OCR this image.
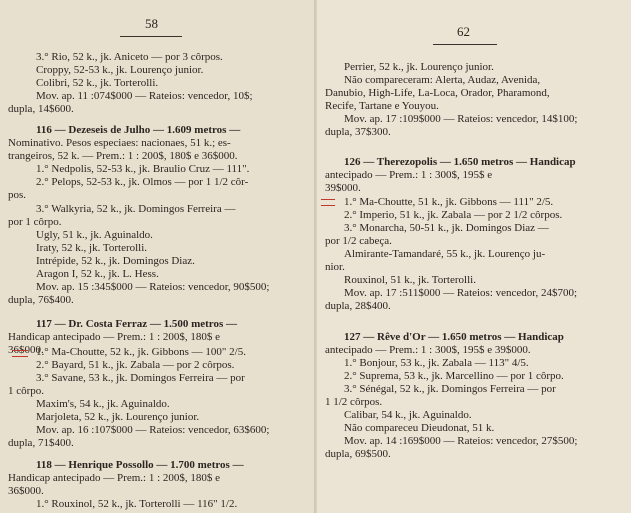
58
3.° Rio, 52 k., jk. Aniceto — por 3 côrpos.
Croppy, 52-53 k., jk. Lourenço junior.
Colibri, 52 k., jk. Torterolli.
Mov. ap. 11 :074$000 — Rateios: vencedor, 10$;
dupla, 14$600.
116 — Dezeseis de Julho — 1.609 metros —
Nominativo. Pesos especiaes: nacionaes, 51 k.; es-
trangeiros, 52 k. — Prem.: 1 : 200$, 180$ e 36$000.
1.° Nedpolis, 52-53 k., jk. Braulio Cruz — 111".
2.° Pelops, 52-53 k., jk. Olmos — por 1 1/2 côr-
pos.
3.° Walkyria, 52 k., jk. Domingos Ferreira —
por 1 côrpo.
Ugly, 51 k., jk. Aguinaldo.
Iraty, 52 k., jk. Torterolli.
Intrépide, 52 k., jk. Domingos Diaz.
Aragon I, 52 k., jk. L. Hess.
Mov. ap. 15 :345$000 — Rateios: vencedor, 90$500;
dupla, 76$400.
117 — Dr. Costa Ferraz — 1.500 metros —
Handicap antecipado — Prem.: 1 : 200$, 180$ e
36$000.
1.° Ma-Choutte, 52 k., jk. Gibbons — 100" 2/5.
2.° Bayard, 51 k., jk. Zabala — por 2 côrpos.
3.° Savane, 53 k., jk. Domingos Ferreira — por
1 côrpo.
Maxim's, 54 k., jk. Aguinaldo.
Marjoleta, 52 k., jk. Lourenço junior.
Mov. ap. 16 :107$000 — Rateios: vencedor, 63$600;
dupla, 71$400.
118 — Henrique Possollo — 1.700 metros —
Handicap antecipado — Prem.: 1 : 200$, 180$ e
36$000.
1.° Rouxinol, 52 k., jk. Torterolli — 116" 1/2.
62
Perrier, 52 k., jk. Lourenço junior.
Não compareceram: Alerta, Audaz, Avenida,
Danubio, High-Life, La-Loca, Orador, Pharamond,
Recife, Tartane e Youyou.
Mov. ap. 17 :109$000 — Rateios: vencedor, 14$100;
dupla, 37$300.
126 — Therezopolis — 1.650 metros — Handicap
antecipado — Prem.: 1 : 300$, 195$ e
39$000.
1.° Ma-Choutte, 51 k., jk. Gibbons — 111" 2/5.
2.° Imperio, 51 k., jk. Zabala — por 2 1/2 côrpos.
3.° Monarcha, 50-51 k., jk. Domingos Diaz —
por 1/2 cabeça.
Almirante-Tamandaré, 55 k., jk. Lourenço ju-
nior.
Rouxinol, 51 k., jk. Torterolli.
Mov. ap. 17 :511$000 — Rateios: vencedor, 24$700;
dupla, 28$400.
127 — Rêve d'Or — 1.650 metros — Handicap
antecipado — Prem.: 1 : 300$, 195$ e 39$000.
1.° Bonjour, 53 k., jk. Zabala — 113" 4/5.
2.° Suprema, 53 k., jk. Marcellino — por 1 côrpo.
3.° Sénégal, 52 k., jk. Domingos Ferreira — por
1 1/2 côrpos.
Calibar, 54 k., jk. Aguinaldo.
Não compareceu Dieudonat, 51 k.
Mov. ap. 14 :169$000 — Rateios: vencedor, 27$500;
dupla, 69$500.
